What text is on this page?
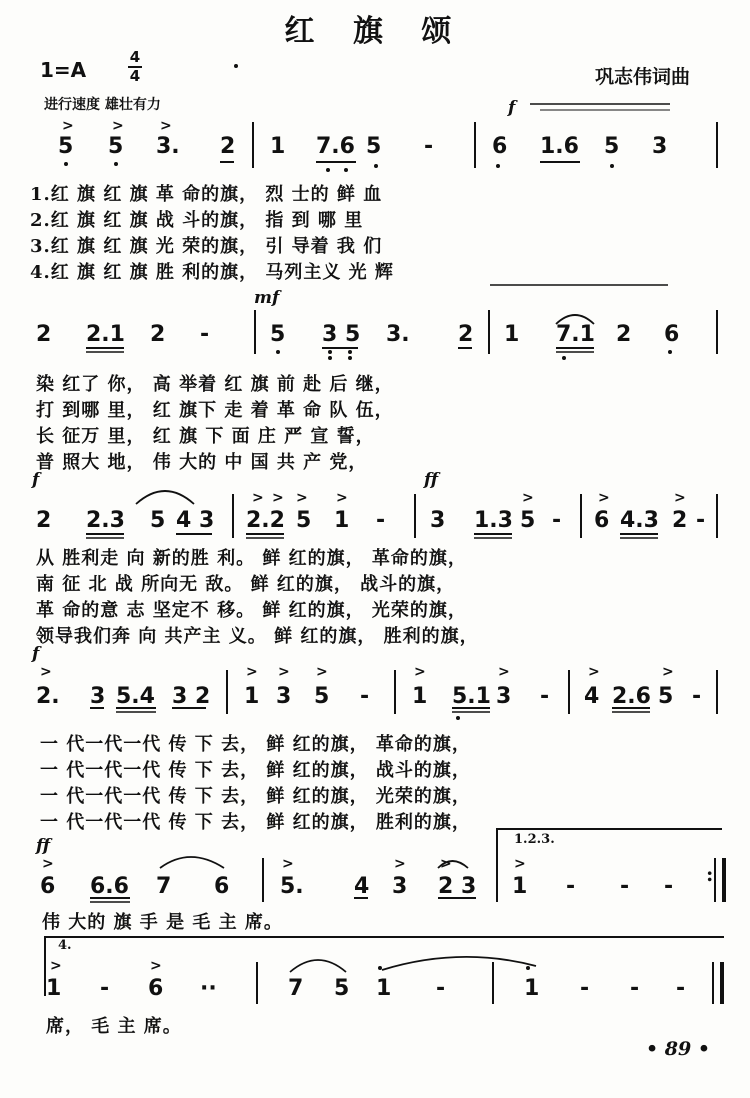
红 旗 颂
1=A
4
4	巩志伟词曲
进行速度 雄壮有力	f
mf
f	ff
f
ff	1.2.3.
4.
• 89 •
>	>	>
5 5 3. 2 1 7.6 5 -	6 1.6 5 3
1.红 旗 红 旗 革 命的旗， 烈 士的 鲜 血
2.红 旗 红 旗 战 斗的旗， 指 到 哪 里
3.红 旗 红 旗 光 荣的旗， 引 导着 我 们
4.红 旗 红 旗 胜 利的旗， 马列主义 光 辉
2 2.1 2 -	5 3 5 3. 2 1 7.1 2 6
染 红了 你， 高 举着 红 旗 前 赴 后 继，
打 到哪 里， 红 旗下 走 着 革 命 队 伍，
长 征万 里， 红 旗 下 面 庄 严 宣 誓，
普 照大 地， 伟 大的 中 国 共 产 党，
> > > >	>	>	>
2 2.3 5 4 3 2.2 5 1 - 3 1.3 5 - 6 4.3 2 -
从 胜利走 向 新的胜 利。 鲜 红的旗， 革命的旗，
南 征 北 战 所向无 敌。 鲜 红的旗， 战斗的旗，
革 命的意 志 坚定不 移。 鲜 红的旗， 光荣的旗，
领导我们奔 向 共产主 义。 鲜 红的旗， 胜利的旗，
>	> > >	>	>	>	>
2. 3 5.4 3 2 1 3 5 - 1 5.1 3 - 4 2.6 5 -
一 代一代一代 传 下 去， 鲜 红的旗， 革命的旗，
一 代一代一代 传 下 去， 鲜 红的旗， 战斗的旗，
一 代一代一代 传 下 去， 鲜 红的旗， 光荣的旗，
一 代一代一代 传 下 去， 鲜 红的旗， 胜利的旗，
>	>	> >	>
6 6.6 7 6 5. 4 3 2 3 1 - - - :
伟 大的 旗 手 是 毛 主 席。
>	>
1 - 6 ··	7 5 1 -	1 - - -
席， 毛 主 席。
